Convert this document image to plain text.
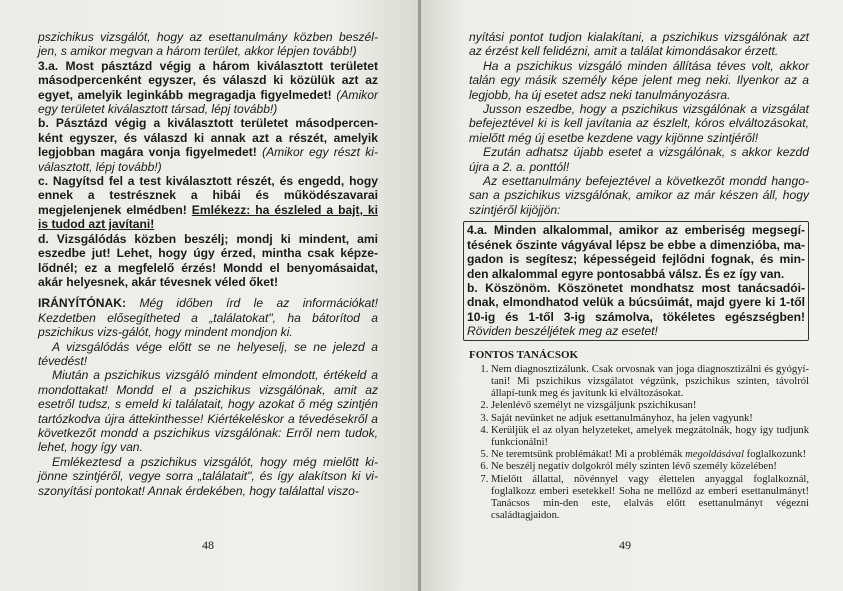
pszichikus vizsgálót, hogy az esettanulmány közben beszél-jen, s amikor megvan a három terület, akkor lépjen tovább!)

3.a. Most pásztázd végig a három kiválasztott területet másodpercenként egyszer, és válaszd ki közülük azt az egyet, amelyik leginkább megragadja figyelmedet! (Amikor egy területet kiválasztott társad, lépj tovább!)

b. Pásztázd végig a kiválasztott területet másodpercen-ként egyszer, és válaszd ki annak azt a részét, amelyik legjobban magára vonja figyelmedet! (Amikor egy részt ki-választott, lépj tovább!)

c. Nagyítsd fel a test kiválasztott részét, és engedd, hogy ennek a testrésznek a hibái és működészavarai megjelenjenek elmédben! Emlékezz: ha észleled a bajt, ki is tudod azt javítani!

d. Vizsgálódás közben beszélj; mondj ki mindent, ami eszedbe jut! Lehet, hogy úgy érzed, mintha csak képze-lődnél; ez a megfelelő érzés! Mondd el benyomásaidat, akár helyesnek, akár tévesnek véled őket!

IRÁNYÍTÓNAK: Még időben írd le az információkat! Kezdetben elősegítheted a „találatokat", ha bátorítod a pszichikus vizs-gálót, hogy mindent mondjon ki.

A vizsgálódás vége előtt se ne helyeselj, se ne jelezd a tévedést!

Miután a pszichikus vizsgáló mindent elmondott, értékeld a mondottakat! Mondd el a pszichikus vizsgálónak, amit az esetről tudsz, s emeld ki találatait, hogy azokat ő még szintjén tartózkodva újra áttekinthesse! Kiértékeléskor a tévedésekről a következőt mondd a pszichikus vizsgálónak: Erről nem tudok, lehet, hogy így van.

Emlékeztesd a pszichikus vizsgálót, hogy még mielőtt ki-jönne szintjéről, vegye sorra „találatait", és így alakítson ki vi-szonyítási pontokat! Annak érdekében, hogy találattal viszo-

48

nyítási pontot tudjon kialakítani, a pszichikus vizsgálónak azt az érzést kell felidézni, amit a találat kimondásakor érzett.

Ha a pszichikus vizsgáló minden állítása téves volt, akkor talán egy másik személy képe jelent meg neki. Ilyenkor az a legjobb, ha új esetet adsz neki tanulmányozásra.

Jusson eszedbe, hogy a pszichikus vizsgálónak a vizsgálat befejeztével ki is kell javítania az észlelt, kóros elváltozásokat, mielőtt még új esetbe kezdene vagy kijönne szintjéről!

Ezután adhatsz újabb esetet a vizsgálónak, s akkor kezdd újra a 2. a. ponttól!

Az esettanulmány befejeztével a következőt mondd hango-san a pszichikus vizsgálónak, amikor az már készen áll, hogy szintjéről kijöjjön:

4.a. Minden alkalommal, amikor az emberiség megsegí-tésének őszinte vágyával lépsz be ebbe a dimenzióba, ma-gadon is segítesz; képességeid fejlődni fognak, és min-den alkalommal egyre pontosabbá válsz. És ez így van.

b. Köszönöm. Köszönetet mondhatsz most tanácsadói-dnak, elmondhatod velük a búcsúimát, majd gyere ki 1-től 10-ig és 1-től 3-ig számolva, tökéletes egészségben! Röviden beszéljétek meg az esetet!

FONTOS TANÁCSOK
1. Nem diagnosztizálunk. Csak orvosnak van joga diagnosztizálni és gyógyí-tani! Mi pszichikus vizsgálatot végzünk, pszichikus szinten, távolról állapí-tunk meg és javítunk ki elváltozásokat.
2. Jelenlévő személyt ne vizsgáljunk pszichikusan!
3. Saját nevünket ne adjuk esettanulmányhoz, ha jelen vagyunk!
4. Kerüljük el az olyan helyzeteket, amelyek megzátolnák, hogy így tudjunk funkcionálni!
5. Ne teremtsünk problémákat! Mi a problémák megoldásával foglalkozunk!
6. Ne beszélj negatív dolgokról mély szinten lévő személy közelében!
7. Mielőtt állattal, növénnyel vagy élettelen anyaggal foglalkoznál, foglalkozz emberi esetekkel! Soha ne mellőzd az emberi esettanulmányt! Tanácsos min-den este, elalvás előtt esettanulmányt végezni családtagjaidon.
49
